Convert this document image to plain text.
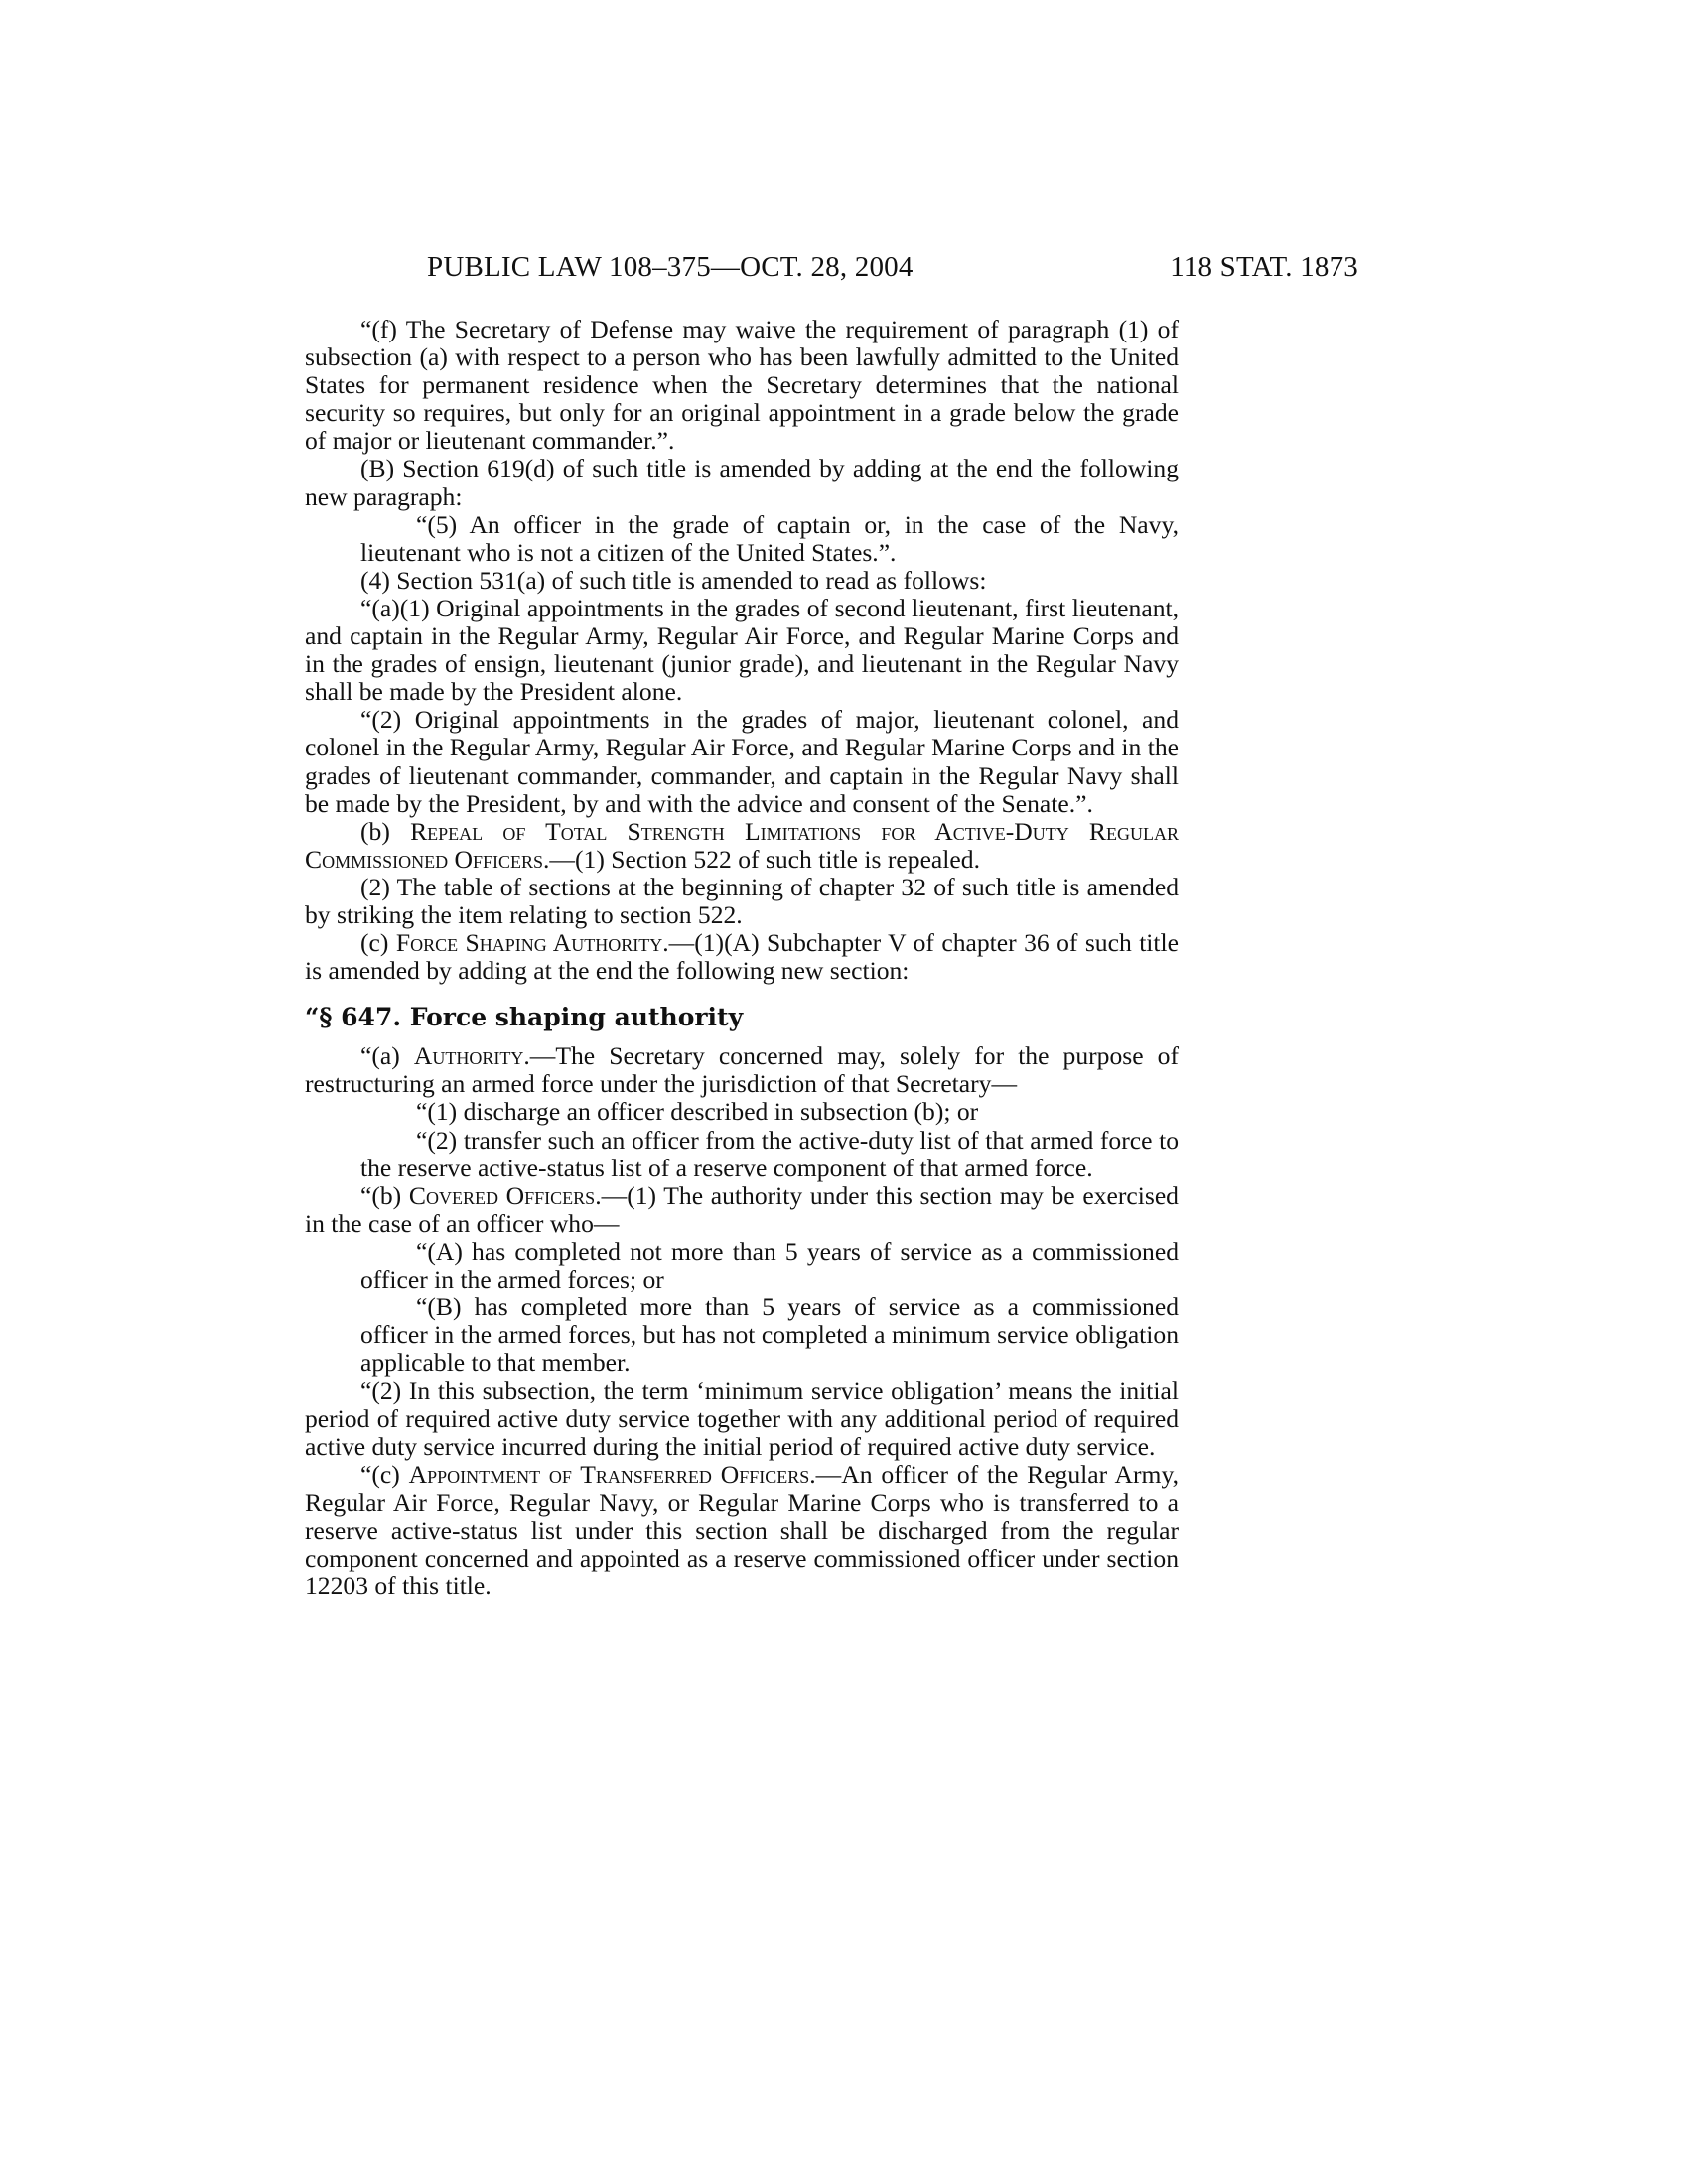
PUBLIC LAW 108–375—OCT. 28, 2004	118 STAT. 1873

“(f) The Secretary of Defense may waive the requirement of paragraph (1) of subsection (a) with respect to a person who has been lawfully admitted to the United States for permanent residence when the Secretary determines that the national security so requires, but only for an original appointment in a grade below the grade of major or lieutenant commander.”.

(B) Section 619(d) of such title is amended by adding at the end the following new paragraph:

“(5) An officer in the grade of captain or, in the case of the Navy, lieutenant who is not a citizen of the United States.”.

(4) Section 531(a) of such title is amended to read as follows:

“(a)(1) Original appointments in the grades of second lieutenant, first lieutenant, and captain in the Regular Army, Regular Air Force, and Regular Marine Corps and in the grades of ensign, lieutenant (junior grade), and lieutenant in the Regular Navy shall be made by the President alone.

“(2) Original appointments in the grades of major, lieutenant colonel, and colonel in the Regular Army, Regular Air Force, and Regular Marine Corps and in the grades of lieutenant commander, commander, and captain in the Regular Navy shall be made by the President, by and with the advice and consent of the Senate.”.

(b) Repeal of Total Strength Limitations for Active-Duty Regular Commissioned Officers.—(1) Section 522 of such title is repealed.

(2) The table of sections at the beginning of chapter 32 of such title is amended by striking the item relating to section 522.

(c) Force Shaping Authority.—(1)(A) Subchapter V of chapter 36 of such title is amended by adding at the end the following new section:

“§ 647. Force shaping authority

“(a) Authority.—The Secretary concerned may, solely for the purpose of restructuring an armed force under the jurisdiction of that Secretary—

“(1) discharge an officer described in subsection (b); or

“(2) transfer such an officer from the active-duty list of that armed force to the reserve active-status list of a reserve component of that armed force.

“(b) Covered Officers.—(1) The authority under this section may be exercised in the case of an officer who—

“(A) has completed not more than 5 years of service as a commissioned officer in the armed forces; or

“(B) has completed more than 5 years of service as a commissioned officer in the armed forces, but has not completed a minimum service obligation applicable to that member.

“(2) In this subsection, the term ‘minimum service obligation’ means the initial period of required active duty service together with any additional period of required active duty service incurred during the initial period of required active duty service.

“(c) Appointment of Transferred Officers.—An officer of the Regular Army, Regular Air Force, Regular Navy, or Regular Marine Corps who is transferred to a reserve active-status list under this section shall be discharged from the regular component concerned and appointed as a reserve commissioned officer under section 12203 of this title.
